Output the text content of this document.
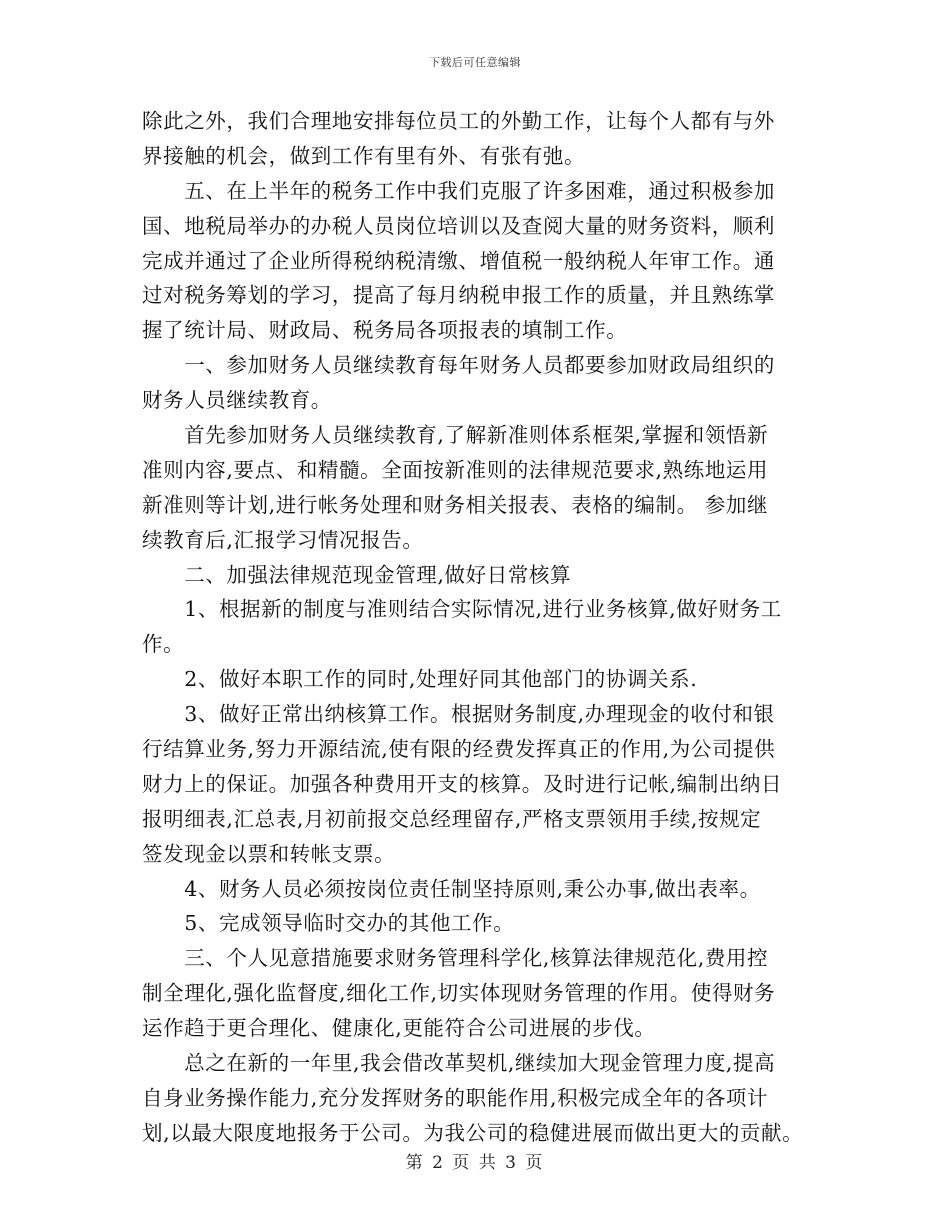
下载后可任意编辑
除此之外，我们合理地安排每位员工的外勤工作，让每个人都有与外
界接触的机会，做到工作有里有外、有张有弛。
　　五、在上半年的税务工作中我们克服了许多困难，通过积极参加
国、地税局举办的办税人员岗位培训以及查阅大量的财务资料，顺利
完成并通过了企业所得税纳税清缴、增值税一般纳税人年审工作。通
过对税务筹划的学习，提高了每月纳税申报工作的质量，并且熟练掌
握了统计局、财政局、税务局各项报表的填制工作。
　　一、参加财务人员继续教育每年财务人员都要参加财政局组织的
财务人员继续教育。
　　首先参加财务人员继续教育,了解新准则体系框架,掌握和领悟新
准则内容,要点、和精髓。全面按新准则的法律规范要求,熟练地运用
新准则等计划,进行帐务处理和财务相关报表、表格的编制。 参加继
续教育后,汇报学习情况报告。
　　二、加强法律规范现金管理,做好日常核算
　　1、根据新的制度与准则结合实际情况,进行业务核算,做好财务工
作。
　　2、做好本职工作的同时,处理好同其他部门的协调关系.
　　3、做好正常出纳核算工作。根据财务制度,办理现金的收付和银
行结算业务,努力开源结流,使有限的经费发挥真正的作用,为公司提供
财力上的保证。加强各种费用开支的核算。及时进行记帐,编制出纳日
报明细表,汇总表,月初前报交总经理留存,严格支票领用手续,按规定
签发现金以票和转帐支票。
　　4、财务人员必须按岗位责任制坚持原则,秉公办事,做出表率。
　　5、完成领导临时交办的其他工作。
　　三、个人见意措施要求财务管理科学化,核算法律规范化,费用控
制全理化,强化监督度,细化工作,切实体现财务管理的作用。使得财务
运作趋于更合理化、健康化,更能符合公司进展的步伐。
　　总之在新的一年里,我会借改革契机,继续加大现金管理力度,提高
自身业务操作能力,充分发挥财务的职能作用,积极完成全年的各项计
划,以最大限度地报务于公司。为我公司的稳健进展而做出更大的贡献。
第 2 页 共 3 页
